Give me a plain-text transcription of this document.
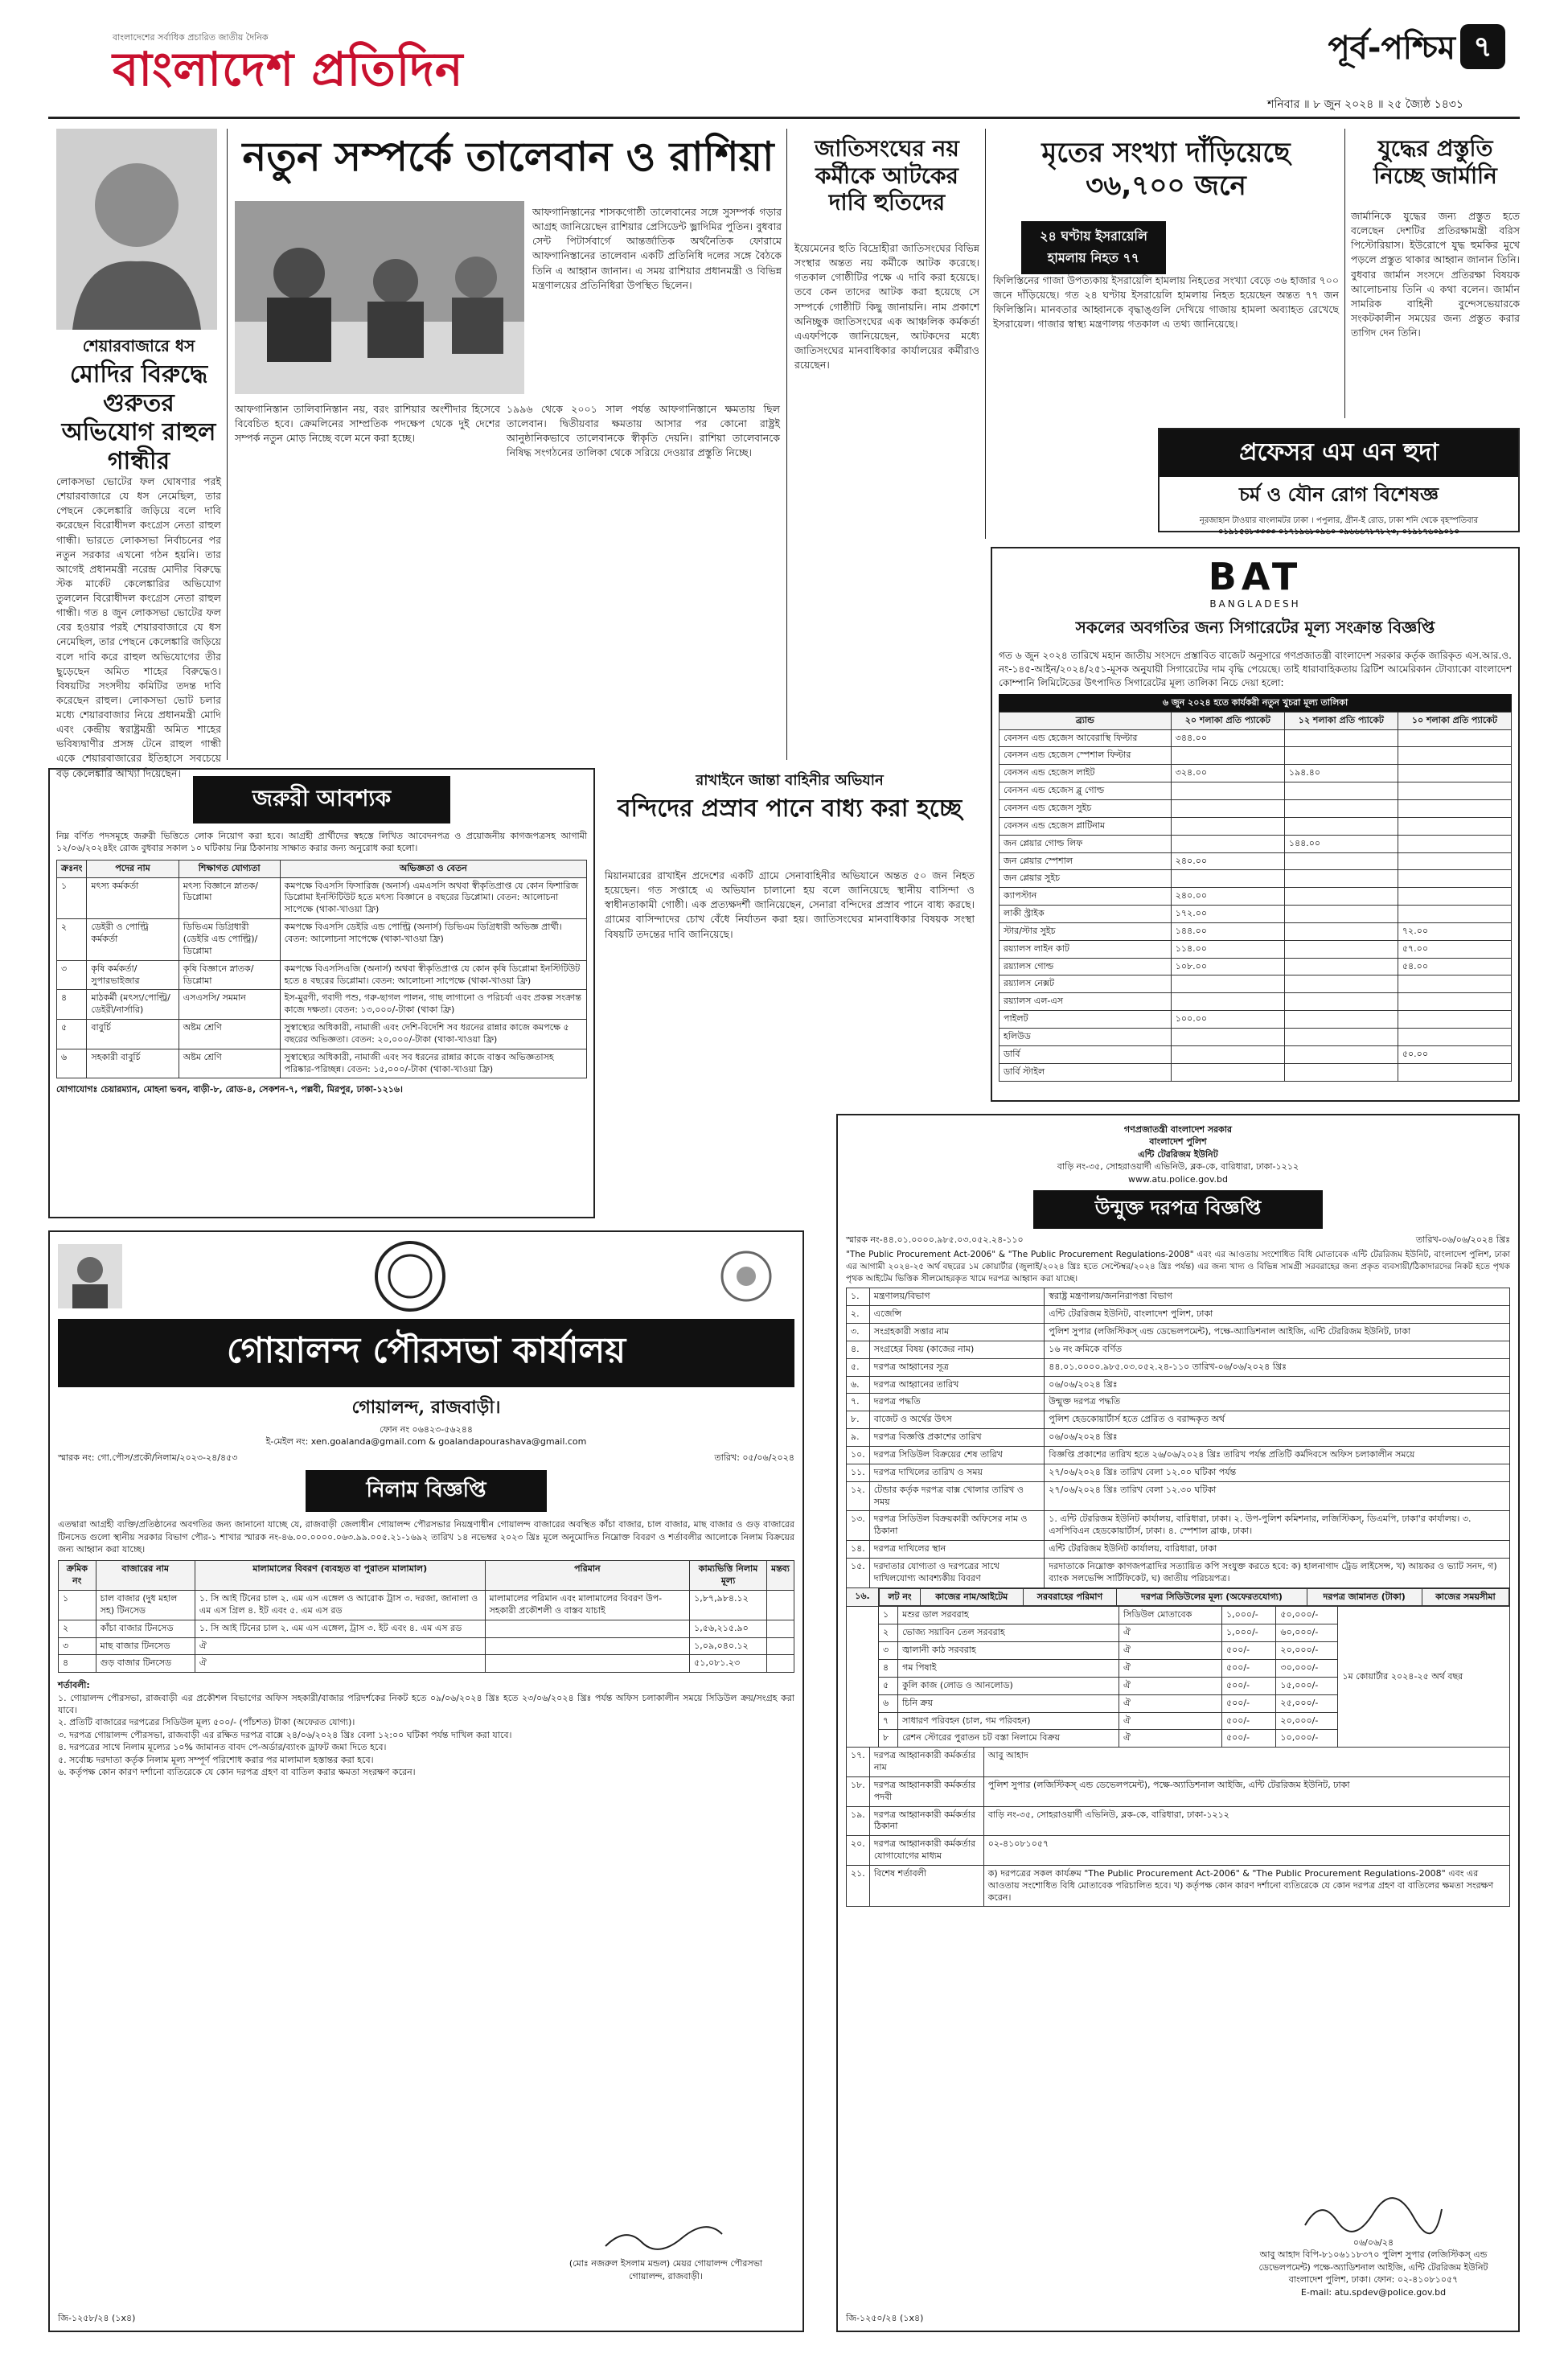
বাংলাদেশের সর্বাধিক প্রচারিত জাতীয় দৈনিক
বাংলাদেশ প্রতিদিন	পূর্ব-পশ্চিম ৭
শনিবার ॥ ৮ জুন ২০২৪ ॥ ২৫ জ্যৈষ্ঠ ১৪৩১
শেয়ারবাজারে ধস
মোদির বিরুদ্ধে গুরুতর অভিযোগ রাহুল গান্ধীর
লোকসভা ভোটের ফল ঘোষণার পরই শেয়ারবাজারে যে ধস নেমেছিল, তার পেছনে কেলেঙ্কারি জড়িয়ে বলে দাবি করেছেন বিরোধীদল কংগ্রেস নেতা রাহুল গান্ধী। ভারতে লোকসভা নির্বাচনের পর নতুন সরকার এখনো গঠন হয়নি। তার আগেই প্রধানমন্ত্রী নরেন্দ্র মোদীর বিরুদ্ধে স্টক মার্কেট কেলেঙ্কারির অভিযোগ তুললেন বিরোধীদল কংগ্রেস নেতা রাহুল গান্ধী। গত ৪ জুন লোকসভা ভোটের ফল বের হওয়ার পরই শেয়ারবাজারে যে ধস নেমেছিল, তার পেছনে কেলেঙ্কারি জড়িয়ে বলে দাবি করে রাহুল অভিযোগের তীর ছুড়েছেন অমিত শাহের বিরুদ্ধেও। বিষয়টির সংসদীয় কমিটির তদন্ত দাবি করেছেন রাহুল। লোকসভা ভোট চলার মধ্যে শেয়ারবাজার নিয়ে প্রধানমন্ত্রী মোদি এবং কেন্দ্রীয় স্বরাষ্ট্রমন্ত্রী অমিত শাহের ভবিষ্যদ্বাণীর প্রসঙ্গ টেনে রাহুল গান্ধী একে শেয়ারবাজারের ইতিহাসে সবচেয়ে বড় কেলেঙ্কারি আখ্যা দিয়েছেন।
নতুন সম্পর্কে তালেবান ও রাশিয়া
আফগানিস্তানের শাসকগোষ্ঠী তালেবানের সঙ্গে সুসম্পর্ক গড়ার আগ্রহ জানিয়েছেন রাশিয়ার প্রেসিডেন্ট ভ্লাদিমির পুতিন। বুধবার সেন্ট পিটার্সবার্গে আন্তর্জাতিক অর্থনৈতিক ফোরামে আফগানিস্তানের তালেবান একটি প্রতিনিধি দলের সঙ্গে বৈঠকে তিনি এ আহ্বান জানান। এ সময় রাশিয়ার প্রধানমন্ত্রী ও বিভিন্ন মন্ত্রণালয়ের প্রতিনিধিরা উপস্থিত ছিলেন।
আফগানিস্তান তালিবানিস্তান নয়, বরং রাশিয়ার অংশীদার হিসেবে বিবেচিত হবে। ক্রেমলিনের সাম্প্রতিক পদক্ষেপ থেকে দুই দেশের সম্পর্ক নতুন মোড় নিচ্ছে বলে মনে করা হচ্ছে।
১৯৯৬ থেকে ২০০১ সাল পর্যন্ত আফগানিস্তানে ক্ষমতায় ছিল তালেবান। দ্বিতীয়বার ক্ষমতায় আসার পর কোনো রাষ্ট্রই আনুষ্ঠানিকভাবে তালেবানকে স্বীকৃতি দেয়নি। রাশিয়া তালেবানকে নিষিদ্ধ সংগঠনের তালিকা থেকে সরিয়ে দেওয়ার প্রস্তুতি নিচ্ছে।
জাতিসংঘের নয় কর্মীকে আটকের দাবি হুতিদের
ইয়েমেনের হুতি বিদ্রোহীরা জাতিসংঘের বিভিন্ন সংস্থার অন্তত নয় কর্মীকে আটক করেছে। গতকাল গোষ্ঠীটির পক্ষে এ দাবি করা হয়েছে। তবে কেন তাদের আটক করা হয়েছে সে সম্পর্কে গোষ্ঠীটি কিছু জানায়নি। নাম প্রকাশে অনিচ্ছুক জাতিসংঘের এক আঞ্চলিক কর্মকর্তা এএফপিকে জানিয়েছেন, আটকদের মধ্যে জাতিসংঘের মানবাধিকার কার্যালয়ের কর্মীরাও রয়েছেন।
মৃতের সংখ্যা দাঁড়িয়েছে ৩৬,৭০০ জনে
২৪ ঘণ্টায় ইসরায়েলি হামলায় নিহত ৭৭
ফিলিস্তিনের গাজা উপত্যকায় ইসরায়েলি হামলায় নিহতের সংখ্যা বেড়ে ৩৬ হাজার ৭০০ জনে দাঁড়িয়েছে। গত ২৪ ঘণ্টায় ইসরায়েলি হামলায় নিহত হয়েছেন অন্তত ৭৭ জন ফিলিস্তিনি। মানবতার আহ্বানকে বৃদ্ধাঙ্গুলি দেখিয়ে গাজায় হামলা অব্যাহত রেখেছে ইসরায়েল। গাজার স্বাস্থ্য মন্ত্রণালয় গতকাল এ তথ্য জানিয়েছে।
যুদ্ধের প্রস্তুতি নিচ্ছে জার্মানি
জার্মানিকে যুদ্ধের জন্য প্রস্তুত হতে বলেছেন দেশটির প্রতিরক্ষামন্ত্রী বরিস পিস্টোরিয়াস। ইউরোপে যুদ্ধ হুমকির মুখে পড়লে প্রস্তুত থাকার আহ্বান জানান তিনি। বুধবার জার্মান সংসদে প্রতিরক্ষা বিষয়ক আলোচনায় তিনি এ কথা বলেন। জার্মান সামরিক বাহিনী বুন্দেসভেয়ারকে সংকটকালীন সময়ের জন্য প্রস্তুত করার তাগিদ দেন তিনি।
প্রফেসর এম এন হুদা
চর্ম ও যৌন রোগ বিশেষজ্ঞ
নূরজাহান টাওয়ার বাংলামটর ঢাকা । পপুলার, গ্রীন-ই রোড, ঢাকা শনি থেকে বৃহস্পতিবার
০১৯১৫৪৮৩৩৩৩ ০১৭১৯৬৮০৯৬০ ০৯৬৬৬৭৮৭৮২৩, ০১৯১৭৬০৯০১০
BAT
BANGLADESH
সকলের অবগতির জন্য সিগারেটের মূল্য সংক্রান্ত বিজ্ঞপ্তি
গত ৬ জুন ২০২৪ তারিখে মহান জাতীয় সংসদে প্রস্তাবিত বাজেট অনুসারে গণপ্রজাতন্ত্রী বাংলাদেশ সরকার কর্তৃক জারিকৃত এস.আর.ও. নং-১৪৫-আইন/২০২৪/২৫১-মূসক অনুযায়ী সিগারেটের দাম বৃদ্ধি পেয়েছে। তাই ধারাবাহিকতায় ব্রিটিশ আমেরিকান টোব্যাকো বাংলাদেশ কোম্পানি লিমিটেডের উৎপাদিত সিগারেটের মূল্য তালিকা নিচে দেয়া হলো:
৬ জুন ২০২৪ হতে কার্যকরী নতুন খুচরা মূল্য তালিকা
ব্র্যান্ড	২০ শলাকা প্রতি প্যাকেট	১২ শলাকা প্রতি প্যাকেট	১০ শলাকা প্রতি প্যাকেট
বেনসন এন্ড হেজেস আবেরাস্থি ফিল্টার	৩৪৪.০০		
বেনসন এন্ড হেজেস স্পেশাল ফিল্টার			
বেনসন এন্ড হেজেস লাইট	৩২৪.০০	১৯৪.৪০	
বেনসন এন্ড হেজেস ব্লু গোল্ড			
বেনসন এন্ড হেজেস সুইচ			
বেনসন এন্ড হেজেস প্লাটিনাম			
জন প্লেয়ার গোল্ড লিফ		১৪৪.০০	
জন প্লেয়ার স্পেশাল	২৪০.০০		
জন প্লেয়ার সুইচ			
ক্যাপস্টান	২৪০.০০		
লাকী স্ট্রাইক	১৭২.০০		
স্টার/স্টার সুইচ	১৪৪.০০		৭২.০০
রয়্যালস লাইন কাট	১১৪.০০		৫৭.০০
রয়্যালস গোল্ড	১০৮.০০		৫৪.০০
রয়্যালস নেক্সট			
রয়্যালস এল-এস			
পাইলট	১০০.০০		
হলিউড			
ডার্বি			৫০.০০
ডার্বি স্টাইল			
জরুরী আবশ্যক
নিম্ন বর্ণিত পদসমূহে জরুরী ভিত্তিতে লোক নিয়োগ করা হবে। আগ্রহী প্রার্থীদের স্বহস্তে লিখিত আবেদনপত্র ও প্রয়োজনীয় কাগজপত্রসহ আগামী ১২/০৬/২০২৪ইং রোজ বুধবার সকাল ১০ ঘটিকায় নিম্ন ঠিকানায় সাক্ষাত করার জন্য অনুরোধ করা হলো।
ক্রঃনং	পদের নাম	শিক্ষাগত যোগ্যতা	অভিজ্ঞতা ও বেতন
১	মৎস্য কর্মকর্তা	মৎস্য বিজ্ঞানে স্নাতক/ডিপ্লোমা	কমপক্ষে বিএসসি ফিসারিজ (অনার্স) এমএসসি অথবা স্বীকৃতিপ্রাপ্ত যে কোন ফিশারিজ ডিপ্লোমা ইনস্টিটিউট হতে মৎস্য বিজ্ঞানে ৪ বছরের ডিপ্লোমা। বেতন: আলোচনা সাপেক্ষে (থাকা-খাওয়া ফ্রি)
২	ডেইরী ও পোল্ট্রি কর্মকর্তা	ডিভিএম ডিগ্রিধারী (ডেইরি এন্ড পোল্ট্রি)/ ডিপ্লোমা	কমপক্ষে বিএসসি ডেইরি এন্ড পোল্ট্রি (অনার্স) ডিভিএম ডিগ্রিধারী অভিজ্ঞ প্রার্থী। বেতন: আলোচনা সাপেক্ষে (থাকা-খাওয়া ফ্রি)
৩	কৃষি কর্মকর্তা/ সুপারভাইজার	কৃষি বিজ্ঞানে স্নাতক/ডিপ্লোমা	কমপক্ষে বিএসসিএজি (অনার্স) অথবা স্বীকৃতিপ্রাপ্ত যে কোন কৃষি ডিপ্লোমা ইনস্টিটিউট হতে ৪ বছরের ডিপ্লোমা। বেতন: আলোচনা সাপেক্ষে (থাকা-খাওয়া ফ্রি)
৪	মাঠকর্মী (মৎস্য/পোল্ট্রি/ ডেইরী/নার্সারি)	এসএসসি/ সমমান	ইস-মুরগী, গবাদী পশু, গরু-ছাগল পালন, গাছ লাগানো ও পরিচর্যা এবং প্রকল্প সংক্রান্ত কাজে দক্ষতা। বেতন: ১৩,০০০/-টাকা (থাকা ফ্রি)
৫	বাবুর্চি	অষ্টম শ্রেণি	সুস্বাস্থ্যের অধিকারী, নামাজী এবং দেশি-বিদেশি সব ধরনের রান্নার কাজে কমপক্ষে ৫ বছরের অভিজ্ঞতা। বেতন: ২০,০০০/-টাকা (থাকা-খাওয়া ফ্রি)
৬	সহকারী বাবুর্চি	অষ্টম শ্রেণি	সুস্বাস্থ্যের অধিকারী, নামাজী এবং সব ধরনের রান্নার কাজে বাস্তব অভিজ্ঞতাসহ পরিষ্কার-পরিচ্ছন্ন। বেতন: ১৫,০০০/-টাকা (থাকা-খাওয়া ফ্রি)
যোগাযোগঃ চেয়ারম্যান, মোহনা ভবন, বাড়ী-৮, রোড-৪, সেকশন-৭, পল্লবী, মিরপুর, ঢাকা-১২১৬।
রাখাইনে জান্তা বাহিনীর অভিযান
বন্দিদের প্রস্রাব পানে বাধ্য করা হচ্ছে
মিয়ানমারের রাখাইন প্রদেশের একটি গ্রামে সেনাবাহিনীর অভিযানে অন্তত ৫০ জন নিহত হয়েছেন। গত সপ্তাহে এ অভিযান চালানো হয় বলে জানিয়েছে স্থানীয় বাসিন্দা ও স্বাধীনতাকামী গোষ্ঠী। এক প্রত্যক্ষদর্শী জানিয়েছেন, সেনারা বন্দিদের প্রস্রাব পানে বাধ্য করছে। গ্রামের বাসিন্দাদের চোখ বেঁধে নির্যাতন করা হয়। জাতিসংঘের মানবাধিকার বিষয়ক সংস্থা বিষয়টি তদন্তের দাবি জানিয়েছে।
গোয়ালন্দ পৌরসভা কার্যালয়
গোয়ালন্দ, রাজবাড়ী।
ফোন নং ০৬৪২৩-৫৬২৪৪
ই-মেইল নং: xen.goalanda@gmail.com & goalandapourashava@gmail.com
স্মারক নং: গো.পৌস/প্রকৌ/নিলাম/২০২৩-২৪/৪৫৩	তারিখ: ০৫/০৬/২০২৪
নিলাম বিজ্ঞপ্তি
এতদ্বারা আগ্রহী ব্যক্তি/প্রতিষ্ঠানের অবগতির জন্য জানানো যাচ্ছে যে, রাজবাড়ী জেলাধীন গোয়ালন্দ পৌরসভার নিয়ন্ত্রণাধীন গোয়ালন্দ বাজারের অবস্থিত কাঁচা বাজার, চাল বাজার, মাছ বাজার ও গুড় বাজারের টিনসেড গুলো স্থানীয় সরকার বিভাগ পৌর-১ শাখার স্মারক নং-৪৬.০০.০০০০.০৬৩.৯৯.০০৫.২১-১৬৯২ তারিখ ১৪ নভেম্বর ২০২৩ খ্রিঃ মূলে অনুমোদিত নিম্নোক্ত বিবরণ ও শর্তাবলীর আলোকে নিলাম বিক্রয়ের জন্য আহ্বান করা যাচ্ছে।
ক্রমিক নং	বাজারের নাম	মালামালের বিবরণ (ব্যবহৃত বা পুরাতন মালামাল)	পরিমান	কাম্যভিত্তি নিলাম মূল্য	মন্তব্য
১	চাল বাজার (দুধ মহাল সহ) টিনসেড	১. সি আই টিনের চাল ২. এম এস এঙ্গেল ও আরোক ট্রাস ৩. দরজা, জানালা ও এম এস গ্রিল ৪. ইট এবং ৫. এম এস রড	মালামালের পরিমান এবং মালামালের বিবরণ উপ-সহকারী প্রকৌশলী ও বাস্তব যাচাই	১,৮৭,৯৮৪.১২	
২	কাঁচা বাজার টিনসেড	১. সি আই টিনের চাল ২. এম এস এঙ্গেল, ট্রাস ৩. ইট এবং ৪. এম এস রড		১,৫৬,২১৫.৯০	
৩	মাছ বাজার টিনসেড	ঐ		১,০৯,০৪০.১২	
৪	গুড় বাজার টিনসেড	ঐ		৫১,০৮১.২৩	
শর্তাবলী:
১. গোয়ালন্দ পৌরসভা, রাজবাড়ী এর প্রকৌশল বিভাগের অফিস সহকারী/বাজার পরিদর্শকের নিকট হতে ০৯/০৬/২০২৪ খ্রিঃ হতে ২৩/০৬/২০২৪ খ্রিঃ পর্যন্ত অফিস চলাকালীন সময়ে সিডিউল ক্রয়/সংগ্রহ করা যাবে।
২. প্রতিটি বাজারের দরপত্রের সিডিউল মূল্য ৫০০/- (পাঁচশত) টাকা (অফেরত যোগ্য)।
৩. দরপত্র গোয়ালন্দ পৌরসভা, রাজবাড়ী এর রক্ষিত দরপত্র বাক্সে ২৪/০৬/২০২৪ খ্রিঃ বেলা ১২:০০ ঘটিকা পর্যন্ত দাখিল করা যাবে।
৪. দরপত্রের সাথে নিলাম মূল্যের ১০% জামানত বাবদ পে-অর্ডার/ব্যাংক ড্রাফট জমা দিতে হবে।
৫. সর্বোচ্চ দরদাতা কর্তৃক নিলাম মূল্য সম্পূর্ণ পরিশোধ করার পর মালামাল হস্তান্তর করা হবে।
৬. কর্তৃপক্ষ কোন কারণ দর্শানো ব্যতিরেকে যে কোন দরপত্র গ্রহণ বা বাতিল করার ক্ষমতা সংরক্ষণ করেন।
(মোঃ নজরুল ইসলাম মন্ডল) মেয়র গোয়ালন্দ পৌরসভা গোয়ালন্দ, রাজবাড়ী।
জি-১২৫৮/২৪ (১x৪)
গণপ্রজাতন্ত্রী বাংলাদেশ সরকার
বাংলাদেশ পুলিশ
এন্টি টেররিজম ইউনিট
বাড়ি নং-৩৫, সোহরাওয়ার্দী এভিনিউ, ব্লক-কে, বারিধারা, ঢাকা-১২১২
www.atu.police.gov.bd
উন্মুক্ত দরপত্র বিজ্ঞপ্তি
স্মারক নং-৪৪.০১.০০০০.৯৮৫.০৩.০৫২.২৪-১১০	তারিখ-০৬/০৬/২০২৪ খ্রিঃ
"The Public Procurement Act-2006" & "The Public Procurement Regulations-2008" এবং এর আওতায় সংশোধিত বিধি মোতাবেক এন্টি টেররিজম ইউনিট, বাংলাদেশ পুলিশ, ঢাকা এর আগামী ২০২৪-২৫ অর্থ বছরের ১ম কোয়ার্টার (জুলাই/২০২৪ খ্রিঃ হতে সেপ্টেম্বর/২০২৪ খ্রিঃ পর্যন্ত) এর জন্য খাদ্য ও বিভিন্ন সামগ্রী সরবরাহের জন্য প্রকৃত ব্যবসায়ী/ঠিকাদারদের নিকট হতে পৃথক পৃথক আইটেম ভিত্তিক সীলমোহরকৃত খামে দরপত্র আহ্বান করা যাচ্ছে।
১.	মন্ত্রণালয়/বিভাগ	স্বরাষ্ট্র মন্ত্রণালয়/জননিরাপত্তা বিভাগ
২.	এজেন্সি	এন্টি টেররিজম ইউনিট, বাংলাদেশ পুলিশ, ঢাকা
৩.	সংগ্রহকারী সত্তার নাম	পুলিশ সুপার (লজিস্টিকস্ এন্ড ডেভেলপমেন্ট), পক্ষে-অ্যাডিশনাল আইজি, এন্টি টেররিজম ইউনিট, ঢাকা
৪.	সংগ্রহের বিষয় (কাজের নাম)	১৬ নং ক্রমিকে বর্ণিত
৫.	দরপত্র আহ্বানের সূত্র	৪৪.০১.০০০০.৯৮৫.০৩.০৫২.২৪-১১০ তারিখ-০৬/০৬/২০২৪ খ্রিঃ
৬.	দরপত্র আহ্বানের তারিখ	০৬/০৬/২০২৪ খ্রিঃ
৭.	দরপত্র পদ্ধতি	উন্মুক্ত দরপত্র পদ্ধতি
৮.	বাজেট ও অর্থের উৎস	পুলিশ হেডকোয়ার্টার্স হতে প্রেরিত ও বরাদ্দকৃত অর্থ
৯.	দরপত্র বিজ্ঞপ্তি প্রকাশের তারিখ	০৬/০৬/২০২৪ খ্রিঃ
১০.	দরপত্র সিডিউল বিক্রয়ের শেষ তারিখ	বিজ্ঞপ্তি প্রকাশের তারিখ হতে ২৬/০৬/২০২৪ খ্রিঃ তারিখ পর্যন্ত প্রতিটি কর্মদিবসে অফিস চলাকালীন সময়ে
১১.	দরপত্র দাখিলের তারিখ ও সময়	২৭/০৬/২০২৪ খ্রিঃ তারিখ বেলা ১২.০০ ঘটিকা পর্যন্ত
১২.	টেন্ডার কর্তৃক দরপত্র বাক্স খোলার তারিখ ও সময়	২৭/০৬/২০২৪ খ্রিঃ তারিখ বেলা ১২.৩০ ঘটিকা
১৩.	দরপত্র সিডিউল বিক্রয়কারী অফিসের নাম ও ঠিকানা	১. এন্টি টেররিজম ইউনিট কার্যালয়, বারিধারা, ঢাকা। ২. উপ-পুলিশ কমিশনার, লজিস্টিকস্, ডিএমপি, ঢাকা'র কার্যালয়। ৩. এসপিবিএন হেডকোয়ার্টার্স, ঢাকা। ৪. স্পেশাল ব্রাঞ্চ, ঢাকা।
১৪.	দরপত্র দাখিলের স্থান	এন্টি টেররিজম ইউনিট কার্যালয়, বারিধারা, ঢাকা
১৫.	দরদাতার যোগ্যতা ও দরপত্রের সাথে দাখিলযোগ্য আবশ্যকীয় বিবরণ	দরদাতাকে নিম্নোক্ত কাগজপত্রাদির সত্যায়িত কপি সংযুক্ত করতে হবে: ক) হালনাগাদ ট্রেড লাইসেন্স, খ) আয়কর ও ভ্যাট সনদ, গ) ব্যাংক সলভেন্সি সার্টিফিকেট, ঘ) জাতীয় পরিচয়পত্র।
১৬.	লট নং	কাজের নাম/আইটেম	সরবরাহের পরিমাণ	দরপত্র সিডিউলের মূল্য (অফেরতযোগ্য)	দরপত্র জামানত (টাকা)	কাজের সময়সীমা
	১	মশুর ডাল সরবরাহ	সিডিউল মোতাবেক	১,০০০/-	৫০,০০০/-	১ম কোয়ার্টার ২০২৪-২৫ অর্থ বছর
	২	ভোজ্য সয়াবিন তেল সরবরাহ	ঐ	১,০০০/-	৬০,০০০/-	
	৩	জ্বালানী কাঠ সরবরাহ	ঐ	৫০০/-	২০,০০০/-	
	৪	গম পিষাই	ঐ	৫০০/-	৩০,০০০/-	
	৫	কুলি কাজ (লোড ও আনলোড)	ঐ	৫০০/-	১৫,০০০/-	
	৬	চিনি ক্রয়	ঐ	৫০০/-	২৫,০০০/-	
	৭	সাধারণ পরিবহন (চাল, গম পরিবহন)	ঐ	৫০০/-	২০,০০০/-	
	৮	রেশন স্টোরের পুরাতন চট বস্তা নিলামে বিক্রয়	ঐ	৫০০/-	১০,০০০/-	
১৭.	দরপত্র আহ্বানকারী কর্মকর্তার নাম	আবু আহাদ
১৮.	দরপত্র আহ্বানকারী কর্মকর্তার পদবী	পুলিশ সুপার (লজিস্টিকস্ এন্ড ডেভেলপমেন্ট), পক্ষে-অ্যাডিশনাল আইজি, এন্টি টেররিজম ইউনিট, ঢাকা
১৯.	দরপত্র আহ্বানকারী কর্মকর্তার ঠিকানা	বাড়ি নং-৩৫, সোহরাওয়ার্দী এভিনিউ, ব্লক-কে, বারিধারা, ঢাকা-১২১২
২০.	দরপত্র আহ্বানকারী কর্মকর্তার যোগাযোগের মাধ্যম	০২-৪১০৮১০৫৭
২১.	বিশেষ শর্তাবলী	ক) দরপত্রের সকল কার্যক্রম "The Public Procurement Act-2006" & "The Public Procurement Regulations-2008" এবং এর আওতায় সংশোধিত বিধি মোতাবেক পরিচালিত হবে। খ) কর্তৃপক্ষ কোন কারণ দর্শানো ব্যতিরেকে যে কোন দরপত্র গ্রহণ বা বাতিলের ক্ষমতা সংরক্ষণ করেন।
০৬/০৬/২৪
আবু আহাদ বিপি-৮১০৬১১৮৩৭০ পুলিশ সুপার (লজিস্টিকস্ এন্ড ডেভেলপমেন্ট) পক্ষে-অ্যাডিশনাল আইজি, এন্টি টেররিজম ইউনিট বাংলাদেশ পুলিশ, ঢাকা। ফোন: ০২-৪১০৮১০৫৭
E-mail: atu.spdev@police.gov.bd
জি-১২৫০/২৪ (১x৪)
